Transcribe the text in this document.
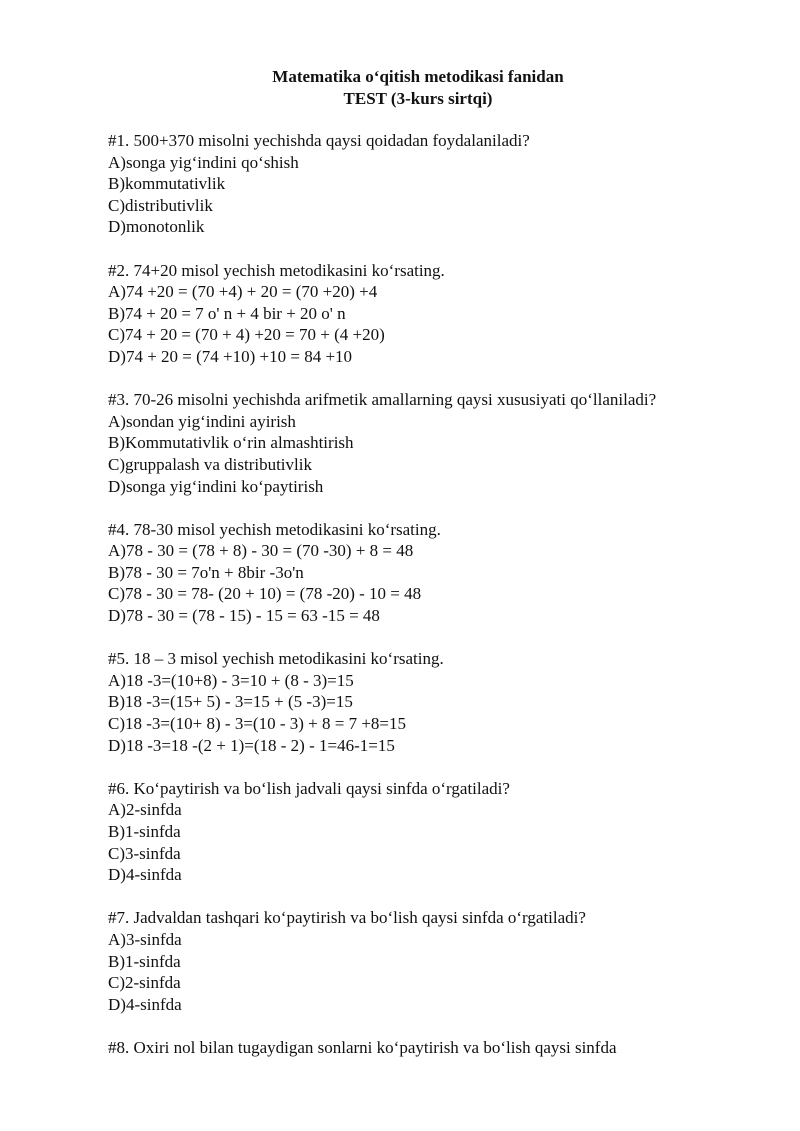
Matematika o‘qitish metodikasi fanidan
TEST (3-kurs sirtqi)
#1. 500+370 misolni yechishda qaysi qoidadan foydalaniladi?
A)songa yig‘indini qo‘shish
B)kommutativlik
C)distributivlik
D)monotonlik
#2. 74+20 misol yechish metodikasini ko‘rsating.
A)74 +20 = (70 +4) + 20 = (70 +20) +4
B)74 + 20 = 7 o' n + 4 bir + 20 o' n
C)74 + 20 = (70 + 4) +20 = 70 + (4 +20)
D)74 + 20 = (74 +10) +10 = 84 +10
#3. 70-26 misolni yechishda arifmetik amallarning qaysi xususiyati qo‘llaniladi?
A)sondan yig‘indini ayirish
B)Kommutativlik o‘rin almashtirish
C)gruppalash va distributivlik
D)songa yig‘indini ko‘paytirish
#4. 78-30 misol yechish metodikasini ko‘rsating.
A)78 - 30 = (78 + 8) - 30 = (70 -30) + 8 = 48
B)78 - 30 = 7o'n + 8bir -3o'n
C)78 - 30 = 78- (20 + 10) = (78 -20) - 10 = 48
D)78 - 30 = (78 - 15) - 15 = 63 -15 = 48
#5. 18 – 3 misol yechish metodikasini ko‘rsating.
A)18 -3=(10+8) - 3=10 + (8 - 3)=15
B)18 -3=(15+ 5) - 3=15 + (5 -3)=15
C)18 -3=(10+ 8) - 3=(10 - 3) + 8 = 7 +8=15
D)18 -3=18 -(2 + 1)=(18 - 2) - 1=46-1=15
#6. Ko‘paytirish va bo‘lish jadvali qaysi sinfda o‘rgatiladi?
A)2-sinfda
B)1-sinfda
C)3-sinfda
D)4-sinfda
#7. Jadvaldan tashqari ko‘paytirish va bo‘lish qaysi sinfda o‘rgatiladi?
A)3-sinfda
B)1-sinfda
C)2-sinfda
D)4-sinfda
#8. Oxiri nol bilan tugaydigan sonlarni ko‘paytirish va bo‘lish qaysi sinfda
